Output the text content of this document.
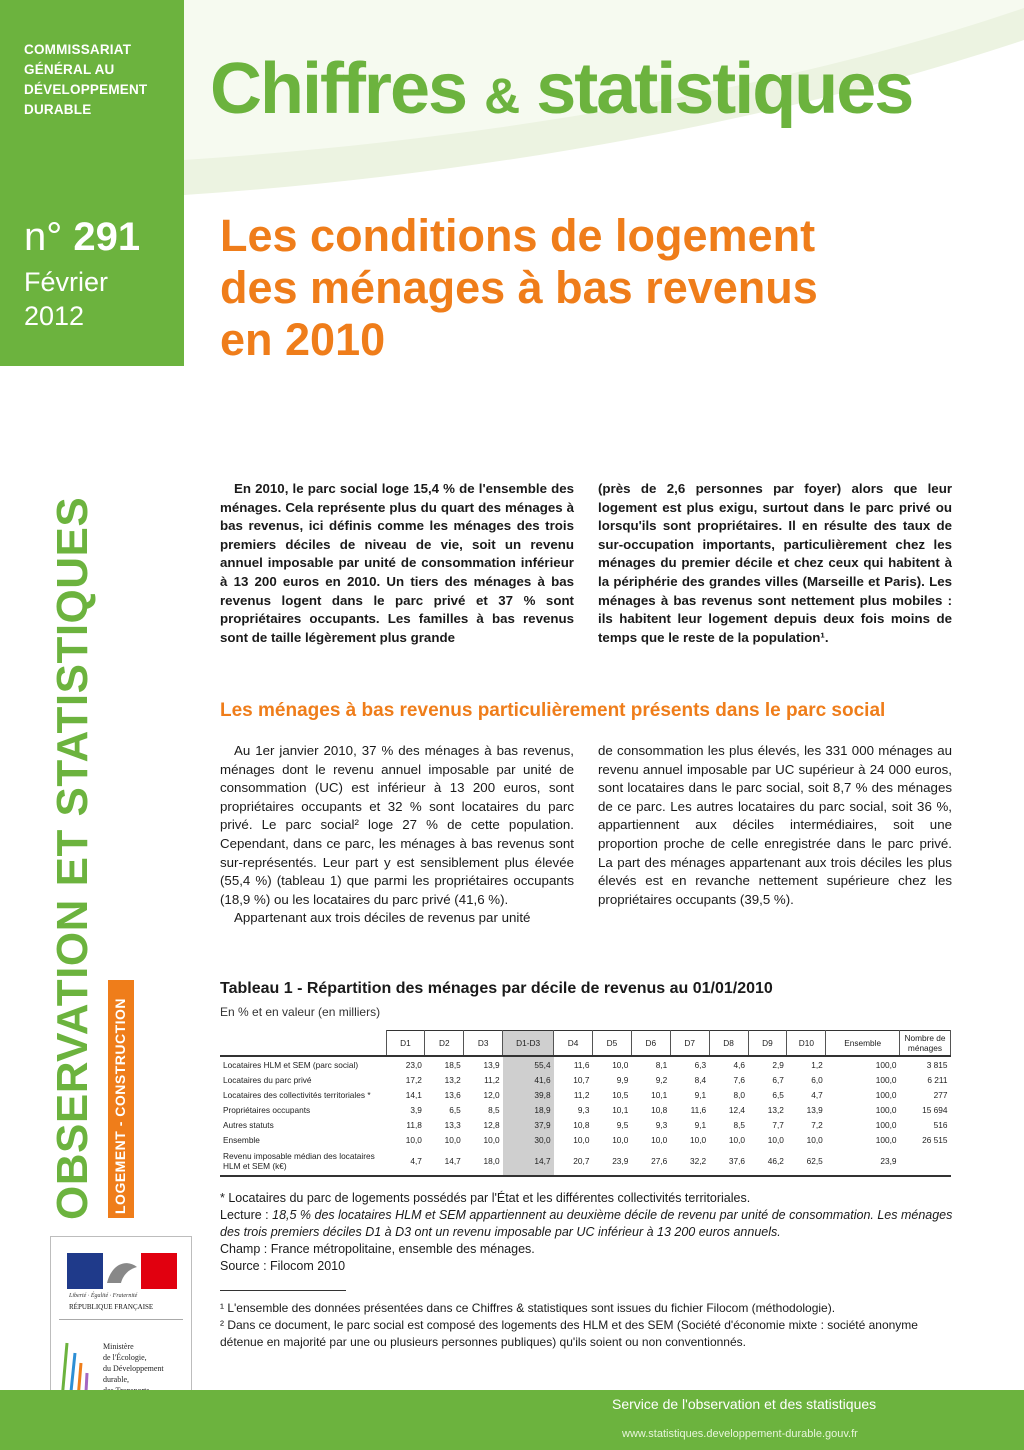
COMMISSARIAT
GÉNÉRAL AU
DÉVELOPPEMENT
DURABLE	Chiffres & statistiques
n° 291
Février
2012
Les conditions de logement
des ménages à bas revenus
en 2010
OBSERVATION ET STATISTIQUES LOGEMENT - CONSTRUCTION
Liberté · Égalité · Fraternité
RÉPUBLIQUE FRANÇAISE
Ministère
de l'Écologie,
du Développement
durable,
En 2010, le parc social loge 15,4 % de l'ensemble des ménages. Cela représente plus du quart des ménages à bas revenus, ici définis comme les ménages des trois premiers déciles de niveau de vie, soit un revenu annuel imposable par unité de consommation inférieur à 13 200 euros en 2010. Un tiers des ménages à bas revenus logent dans le parc privé et 37 % sont propriétaires occupants. Les familles à bas revenus sont de taille légèrement plus grande
(près de 2,6 personnes par foyer) alors que leur logement est plus exigu, surtout dans le parc privé ou lorsqu'ils sont propriétaires. Il en résulte des taux de sur-occupation importants, particulièrement chez les ménages du premier décile et chez ceux qui habitent à la périphérie des grandes villes (Marseille et Paris). Les ménages à bas revenus sont nettement plus mobiles : ils habitent leur logement depuis deux fois moins de temps que le reste de la population¹.
Les ménages à bas revenus particulièrement présents dans le parc social
Au 1er janvier 2010, 37 % des ménages à bas revenus, ménages dont le revenu annuel imposable par unité de consommation (UC) est inférieur à 13 200 euros, sont propriétaires occupants et 32 % sont locataires du parc privé. Le parc social² loge 27 % de cette population. Cependant, dans ce parc, les ménages à bas revenus sont sur-représentés. Leur part y est sensiblement plus élevée (55,4 %) (tableau 1) que parmi les propriétaires occupants (18,9 %) ou les locataires du parc privé (41,6 %).
Appartenant aux trois déciles de revenus par unité
de consommation les plus élevés, les 331 000 ménages au revenu annuel imposable par UC supérieur à 24 000 euros, sont locataires dans le parc social, soit 8,7 % des ménages de ce parc. Les autres locataires du parc social, soit 36 %, appartiennent aux déciles intermédiaires, soit une proportion proche de celle enregistrée dans le parc privé. La part des ménages appartenant aux trois déciles les plus élevés est en revanche nettement supérieure chez les propriétaires occupants (39,5 %).
Tableau 1 - Répartition des ménages par décile de revenus au 01/01/2010
En % et en valeur (en milliers)
	D1	D2	D3	D1-D3	D4	D5	D6	D7	D8	D9	D10	Ensemble	Nombre de ménages
Locataires HLM et SEM (parc social)	23,0	18,5	13,9	55,4	11,6	10,0	8,1	6,3	4,6	2,9	1,2	100,0	3 815
Locataires du parc privé	17,2	13,2	11,2	41,6	10,7	9,9	9,2	8,4	7,6	6,7	6,0	100,0	6 211
Locataires des collectivités territoriales *	14,1	13,6	12,0	39,8	11,2	10,5	10,1	9,1	8,0	6,5	4,7	100,0	277
Propriétaires occupants	3,9	6,5	8,5	18,9	9,3	10,1	10,8	11,6	12,4	13,2	13,9	100,0	15 694
Autres statuts	11,8	13,3	12,8	37,9	10,8	9,5	9,3	9,1	8,5	7,7	7,2	100,0	516
Ensemble	10,0	10,0	10,0	30,0	10,0	10,0	10,0	10,0	10,0	10,0	10,0	100,0	26 515
Revenu imposable médian des locataires HLM et SEM (k€)	4,7	14,7	18,0	14,7	20,7	23,9	27,6	32,2	37,6	46,2	62,5	23,9	
* Locataires du parc de logements possédés par l'État et les différentes collectivités territoriales.
Lecture : 18,5 % des locataires HLM et SEM appartiennent au deuxième décile de revenu par unité de consommation. Les ménages des trois premiers déciles D1 à D3 ont un revenu imposable par UC inférieur à 13 200 euros annuels.
Champ : France métropolitaine, ensemble des ménages.
Source : Filocom 2010
¹ L'ensemble des données présentées dans ce Chiffres & statistiques sont issues du fichier Filocom (méthodologie).
² Dans ce document, le parc social est composé des logements des HLM et des SEM (Société d'économie mixte : société anonyme détenue en majorité par une ou plusieurs personnes publiques) qu'ils soient ou non conventionnés.
Service de l'observation et des statistiques
www.statistiques.developpement-durable.gouv.fr
